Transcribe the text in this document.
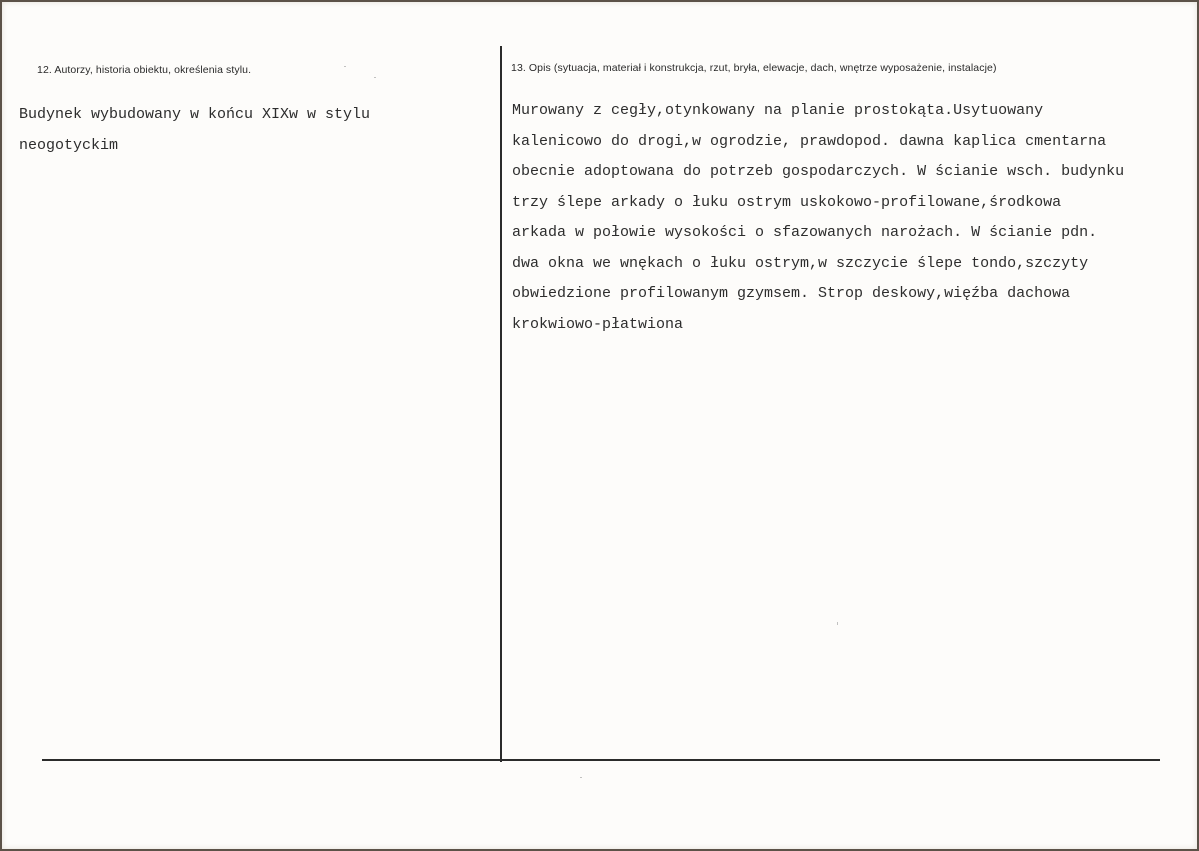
12. Autorzy, historia obiektu, określenia stylu.	13. Opis (sytuacja, materiał i konstrukcja, rzut, bryła, elewacje, dach, wnętrze wyposażenie, instalacje)
Budynek wybudowany w końcu XIXw w stylu
neogotyckim
Murowany z cegły,otynkowany na planie prostokąta.Usytuowany
kalenicowo do drogi,w ogrodzie, prawdopod. dawna kaplica cmentarna
obecnie adoptowana do potrzeb gospodarczych. W ścianie wsch. budynku
trzy ślepe arkady o łuku ostrym uskokowo-profilowane,środkowa
arkada w połowie wysokości o sfazowanych narożach. W ścianie pdn.
dwa okna we wnękach o łuku ostrym,w szczycie ślepe tondo,szczyty
obwiedzione profilowanym gzymsem. Strop deskowy,więźba dachowa
krokwiowo-płatwiona
